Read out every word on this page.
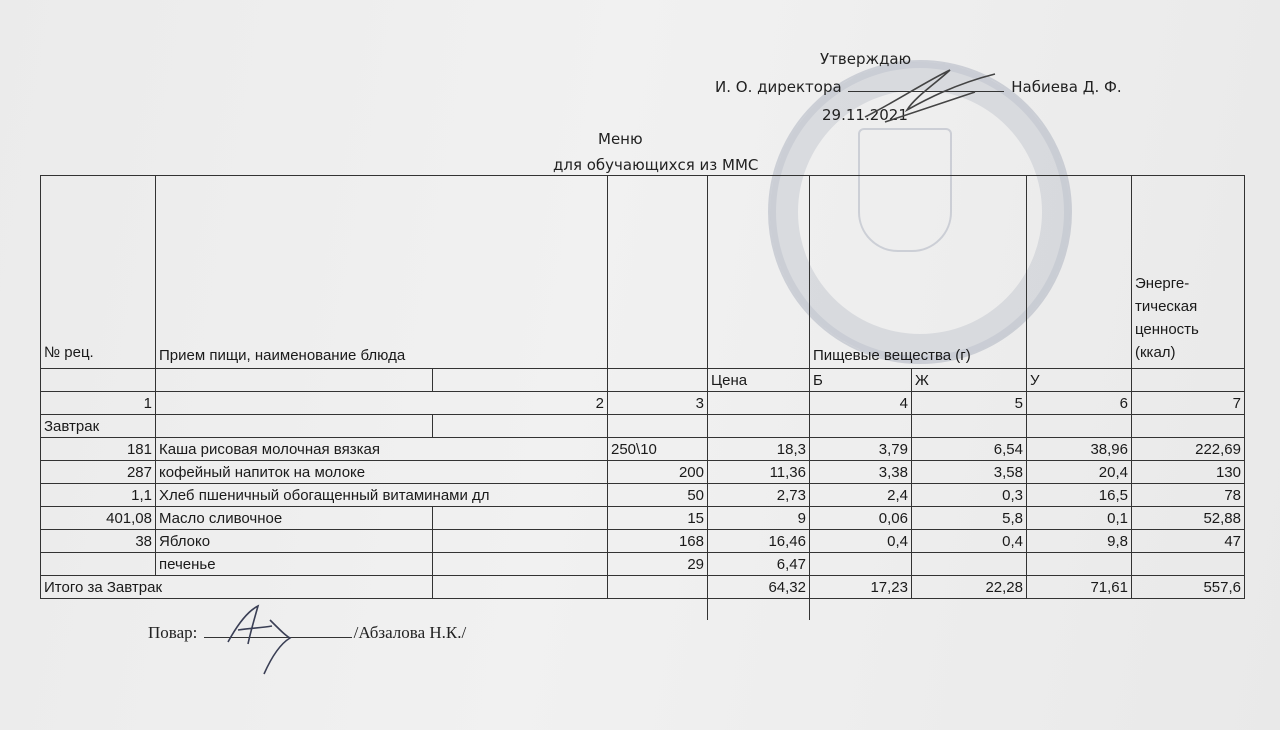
Утверждаю
И. О. директора	Набиева Д. Ф.
29.11.2021
Меню
для обучающихся из ММС
№ рец.	Прием пищи, наименование блюда				Пищевые вещества (г)			Энерге-тическая ценность (ккал)
				Цена	Б	Ж	У	
1	2		3		4	5	6	7
Завтрак								
181	Каша рисовая молочная вязкая		250\10	18,3	3,79	6,54	38,96	222,69
287	кофейный напиток на молоке		200	11,36	3,38	3,58	20,4	130
1,1	Хлеб пшеничный обогащенный витаминами дл		50	2,73	2,4	0,3	16,5	78
401,08	Масло сливочное		15	9	0,06	5,8	0,1	52,88
38	Яблоко		168	16,46	0,4	0,4	9,8	47
	печенье		29	6,47				
Итого за Завтрак				64,32	17,23	22,28	71,61	557,6
Повар:	/Абзалова Н.К./
